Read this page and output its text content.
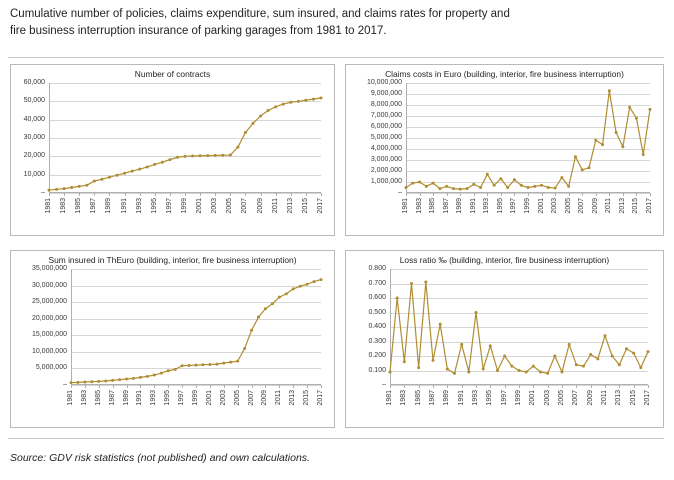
Cumulative number of policies, claims expenditure, sum insured, and claims rates for property and
fire business interruption insurance of parking garages from 1981 to 2017.
Number of contracts
–
10,000
20,000
30,000
40,000
50,000
60,000
1981 1983 1985 1987 1989 1991 1993 1995 1997 1999 2001 2003 2005 2007 2009 2011 2013 2015 2017
Claims costs in Euro (building, interior, fire business interruption)
–
1,000,000
2,000,000
3,000,000
4,000,000
5,000,000
6,000,000
7,000,000
8,000,000
9,000,000
10,000,000
1981 1983 1985 1987 1989 1991 1993 1995 1997 1999 2001 2003 2005 2007 2009 2011 2013 2015 2017
Sum insured in ThEuro (building, interior, fire business interruption)
–
5,000,000
10,000,000
15,000,000
20,000,000
25,000,000
30,000,000
35,000,000
1981 1983 1985 1987 1989 1991 1993 1995 1997 1999 2001 2003 2005 2007 2009 2011 2013 2015 2017
Loss ratio ‰ (building, interior, fire business interruption)
–
0.100
0.200
0.300
0.400
0.500
0.600
0.700
0.800
1981 1983 1985 1987 1989 1991 1993 1995 1997 1999 2001 2003 2005 2007 2009 2011 2013 2015 2017
Source: GDV risk statistics (not published) and own calculations.
